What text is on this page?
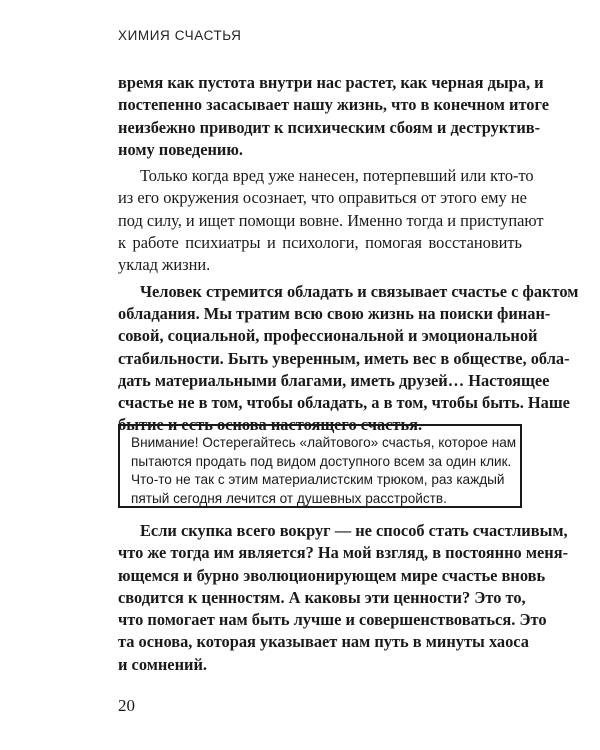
ХИМИЯ СЧАСТЬЯ
время как пустота внутри нас растет, как черная дыра, и
постепенно засасывает нашу жизнь, что в конечном итоге
неизбежно приводит к психическим сбоям и деструктив-
ному поведению.
Только когда вред уже нанесен, потерпевший или кто-то
из его окружения осознает, что оправиться от этого ему не
под силу, и ищет помощи вовне. Именно тогда и приступают
к работе психиатры и психологи, помогая восстановить
уклад жизни.
Человек стремится обладать и связывает счастье с фактом
обладания. Мы тратим всю свою жизнь на поиски финан-
совой, социальной, профессиональной и эмоциональной
стабильности. Быть уверенным, иметь вес в обществе, обла-
дать материальными благами, иметь друзей… Настоящее
счастье не в том, чтобы обладать, а в том, чтобы быть. Наше
бытие и есть основа настоящего счастья.
Внимание! Остерегайтесь «лайтового» счастья, которое нам
пытаются продать под видом доступного всем за один клик.
Что-то не так с этим материалистским трюком, раз каждый
пятый сегодня лечится от душевных расстройств.
Если скупка всего вокруг — не способ стать счастливым,
что же тогда им является? На мой взгляд, в постоянно меня-
ющемся и бурно эволюционирующем мире счастье вновь
сводится к ценностям. А каковы эти ценности? Это то,
что помогает нам быть лучше и совершенствоваться. Это
та основа, которая указывает нам путь в минуты хаоса
и сомнений.
20
